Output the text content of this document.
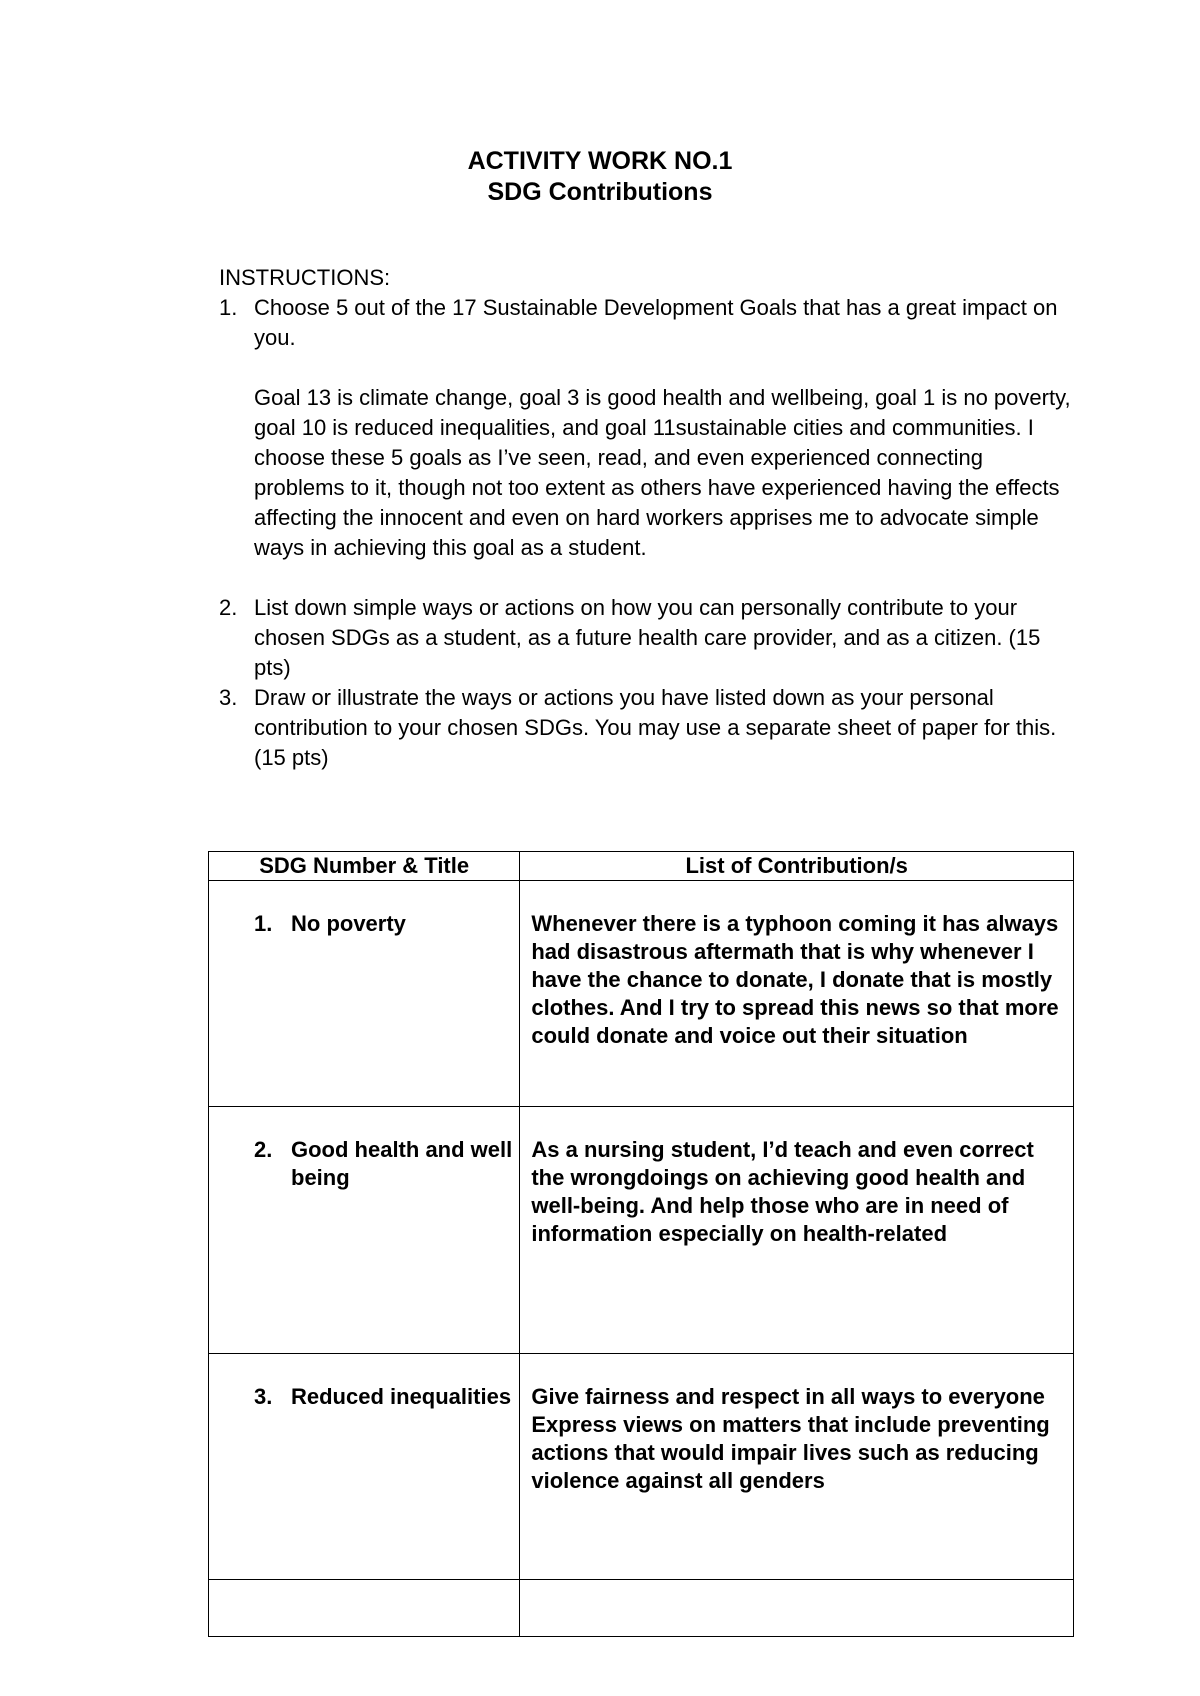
ACTIVITY WORK NO.1
SDG Contributions
INSTRUCTIONS:
1. Choose 5 out of the 17 Sustainable Development Goals that has a great impact on you.
Goal 13 is climate change, goal 3 is good health and wellbeing, goal 1 is no poverty, goal 10 is reduced inequalities, and goal 11sustainable cities and communities. I choose these 5 goals as I’ve seen, read, and even experienced connecting problems to it, though not too extent as others have experienced having the effects affecting the innocent and even on hard workers apprises me to advocate simple ways in achieving this goal as a student.
2. List down simple ways or actions on how you can personally contribute to your chosen SDGs as a student, as a future health care provider, and as a citizen. (15 pts)
3. Draw or illustrate the ways or actions you have listed down as your personal contribution to your chosen SDGs. You may use a separate sheet of paper for this. (15 pts)
SDG Number & Title	List of Contribution/s

1. No poverty	Whenever there is a typhoon coming it has always had disastrous aftermath that is why whenever I have the chance to donate, I donate that is mostly clothes. And I try to spread this news so that more could donate and voice out their situation

2. Good health and well being	As a nursing student, I’d teach and even correct the wrongdoings on achieving good health and well-being. And help those who are in need of information especially on health-related

3. Reduced inequalities	Give fairness and respect in all ways to everyone Express views on matters that include preventing actions that would impair lives such as reducing violence against all genders
